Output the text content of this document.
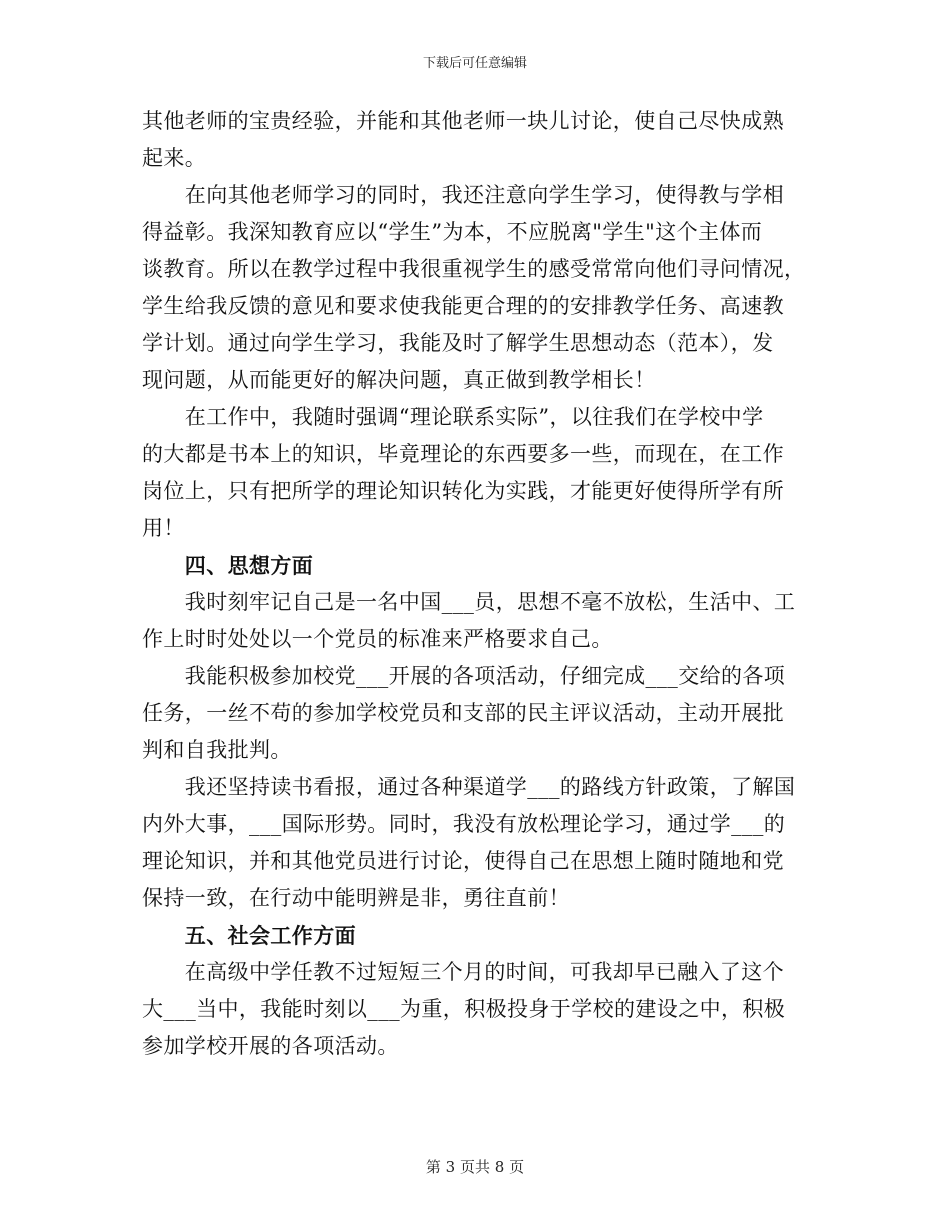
下载后可任意编辑
其他老师的宝贵经验，并能和其他老师一块儿讨论，使自己尽快成熟
起来。
　　在向其他老师学习的同时，我还注意向学生学习，使得教与学相
得益彰。我深知教育应以“学生”为本，不应脱离"学生"这个主体而
谈教育。所以在教学过程中我很重视学生的感受常常向他们寻问情况，
学生给我反馈的意见和要求使我能更合理的的安排教学任务、高速教
学计划。通过向学生学习，我能及时了解学生思想动态（范本），发
现问题，从而能更好的解决问题，真正做到教学相长！
　　在工作中，我随时强调“理论联系实际”，以往我们在学校中学
的大都是书本上的知识，毕竟理论的东西要多一些，而现在，在工作
岗位上，只有把所学的理论知识转化为实践，才能更好使得所学有所
用！
　　四、思想方面
　　我时刻牢记自己是一名中国___员，思想不毫不放松，生活中、工
作上时时处处以一个党员的标准来严格要求自己。
　　我能积极参加校党___开展的各项活动，仔细完成___交给的各项
任务，一丝不苟的参加学校党员和支部的民主评议活动，主动开展批
判和自我批判。
　　我还坚持读书看报，通过各种渠道学___的路线方针政策，了解国
内外大事，___国际形势。同时，我没有放松理论学习，通过学___的
理论知识，并和其他党员进行讨论，使得自己在思想上随时随地和党
保持一致，在行动中能明辨是非，勇往直前！
　　五、社会工作方面
　　在高级中学任教不过短短三个月的时间，可我却早已融入了这个
大___当中，我能时刻以___为重，积极投身于学校的建设之中，积极
参加学校开展的各项活动。
第 3 页共 8 页
